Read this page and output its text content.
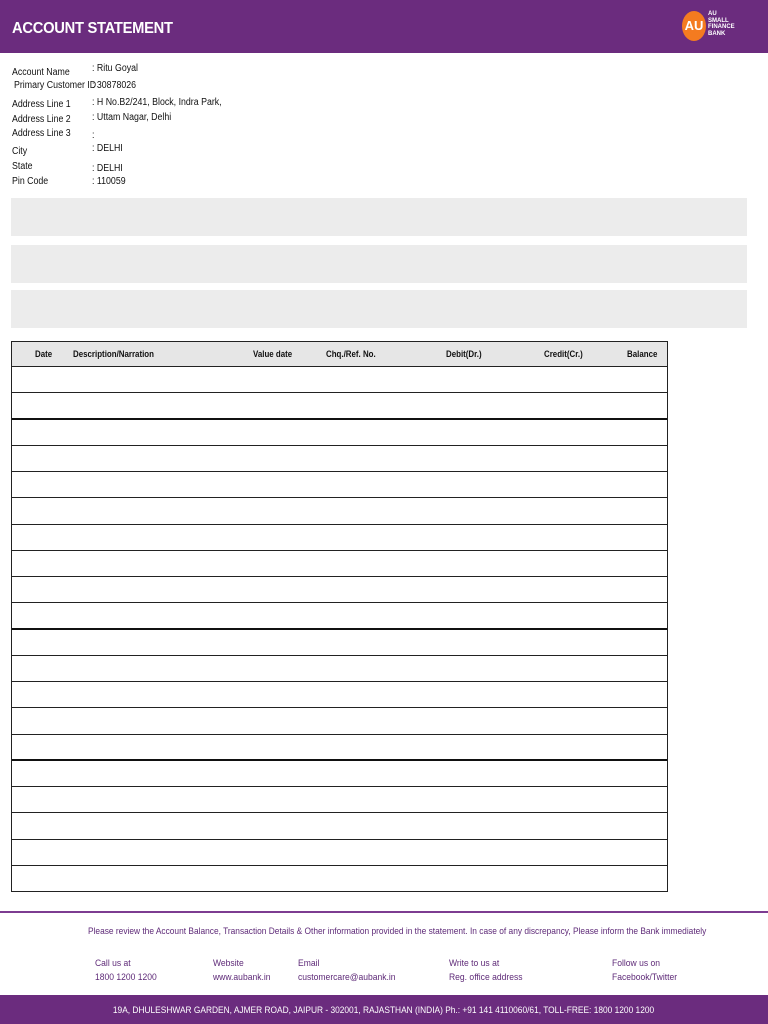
ACCOUNT STATEMENT	AU
AU
SMALL
FINANCE
BANK
Account Name	: Ritu Goyal
Primary Customer ID
: 30878026
Address Line 1	: H No.B2/241, Block, Indra Park,
Address Line 2	: Uttam Nagar, Delhi
Address Line 3	:
City	: DELHI
State	: DELHI
Pin Code	: 110059
Date Description/Narration	Value date	Chq./Ref. No.	Debit(Dr.)	Credit(Cr.)	Balance
Please review the Account Balance, Transaction Details & Other information provided in the statement. In case of any discrepancy, Please inform the Bank immediately
Call us at
1800 1200 1200
Website
www.aubank.in
Email
customercare@aubank.in
Write to us at
Reg. office address
Follow us on
Facebook/Twitter
19A, DHULESHWAR GARDEN, AJMER ROAD, JAIPUR - 302001, RAJASTHAN (INDIA) Ph.: +91 141 4110060/61, TOLL-FREE: 1800 1200 1200
